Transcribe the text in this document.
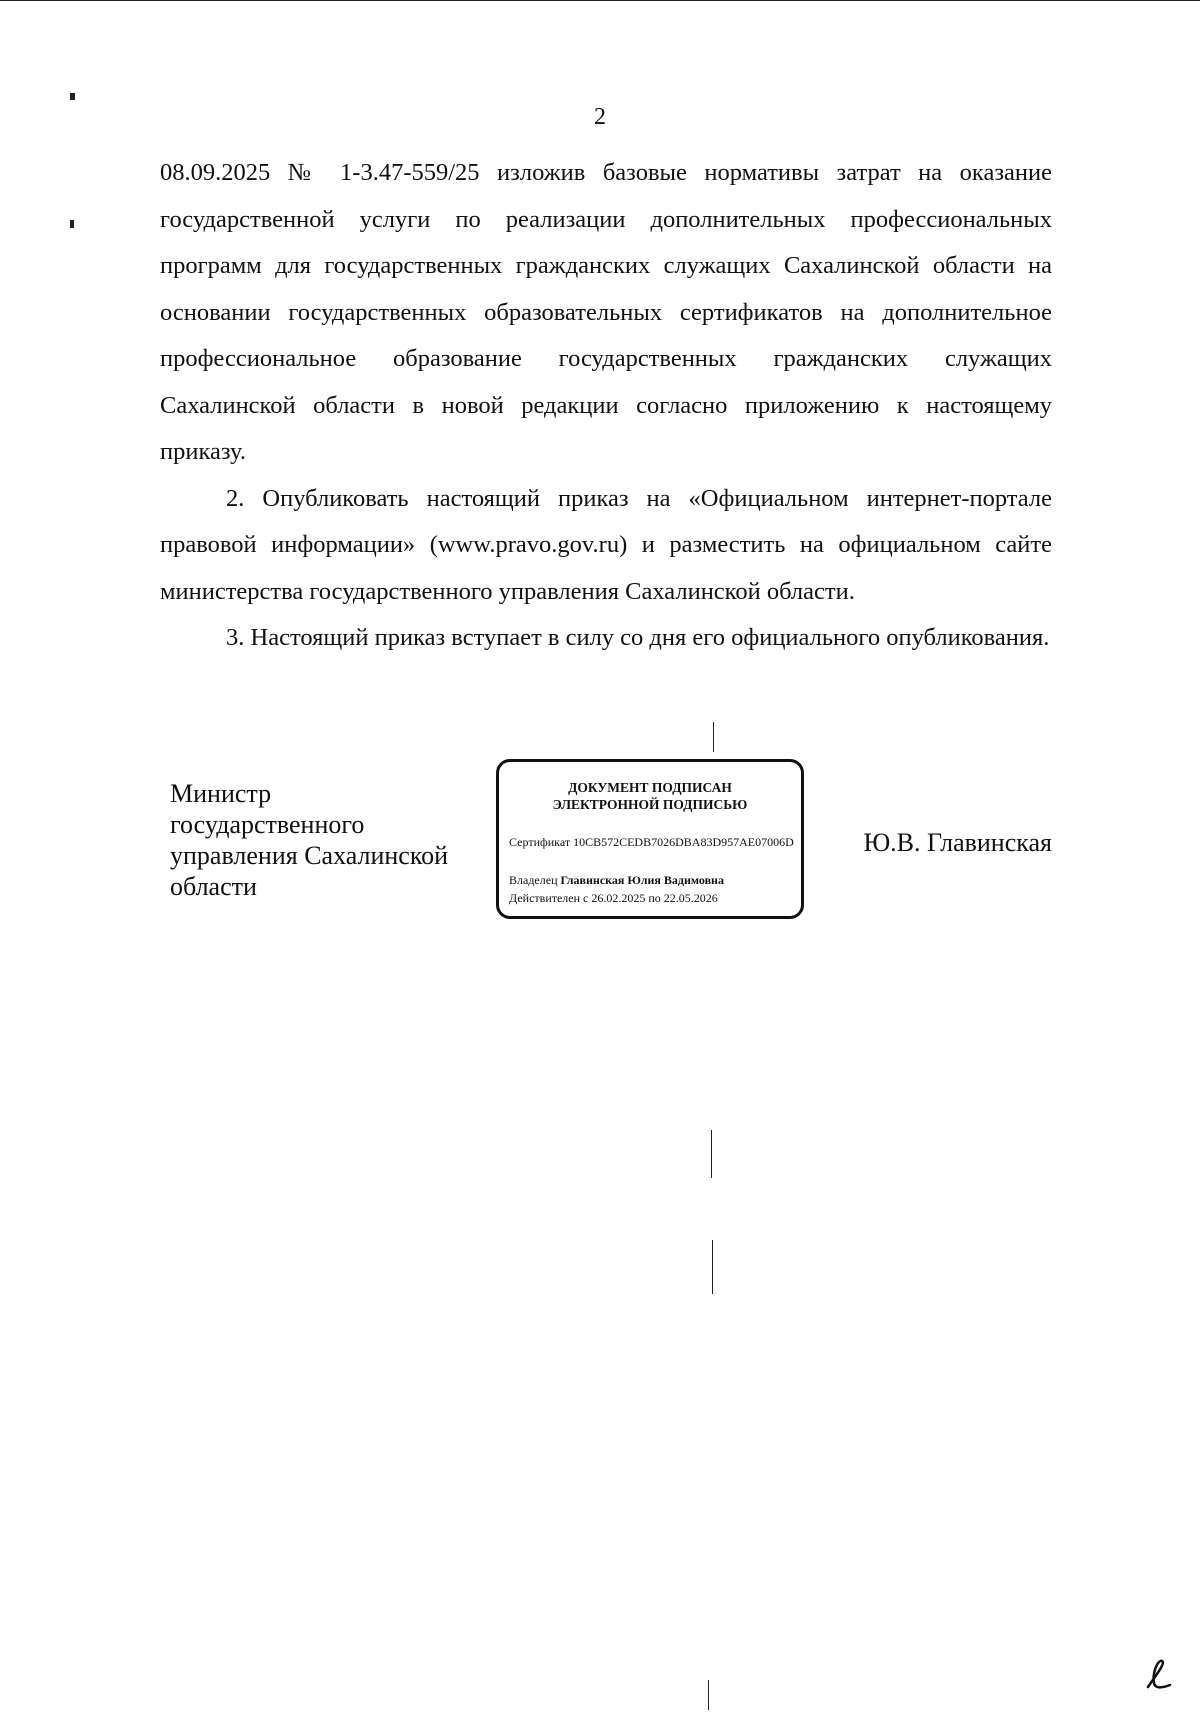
2

08.09.2025 № 1-3.47-559/25 изложив базовые нормативы затрат на оказание государственной услуги по реализации дополнительных профессиональных программ для государственных гражданских служащих Сахалинской области на основании государственных образовательных сертификатов на дополнительное профессиональное образование государственных гражданских служащих Сахалинской области в новой редакции согласно приложению к настоящему приказу.

2. Опубликовать настоящий приказ на «Официальном интернет-портале правовой информации» (www.pravo.gov.ru) и разместить на официальном сайте министерства государственного управления Сахалинской области.

3. Настоящий приказ вступает в силу со дня его официального опубликования.

Министр
государственного
управления Сахалинской
области
ДОКУМЕНТ ПОДПИСАН
ЭЛЕКТРОННОЙ ПОДПИСЬЮ
Сертификат 10CB572CEDB7026DBA83D957AE07006D
Владелец Главинская Юлия Вадимовна
Действителен с 26.02.2025 по 22.05.2026
Ю.В. Главинская
